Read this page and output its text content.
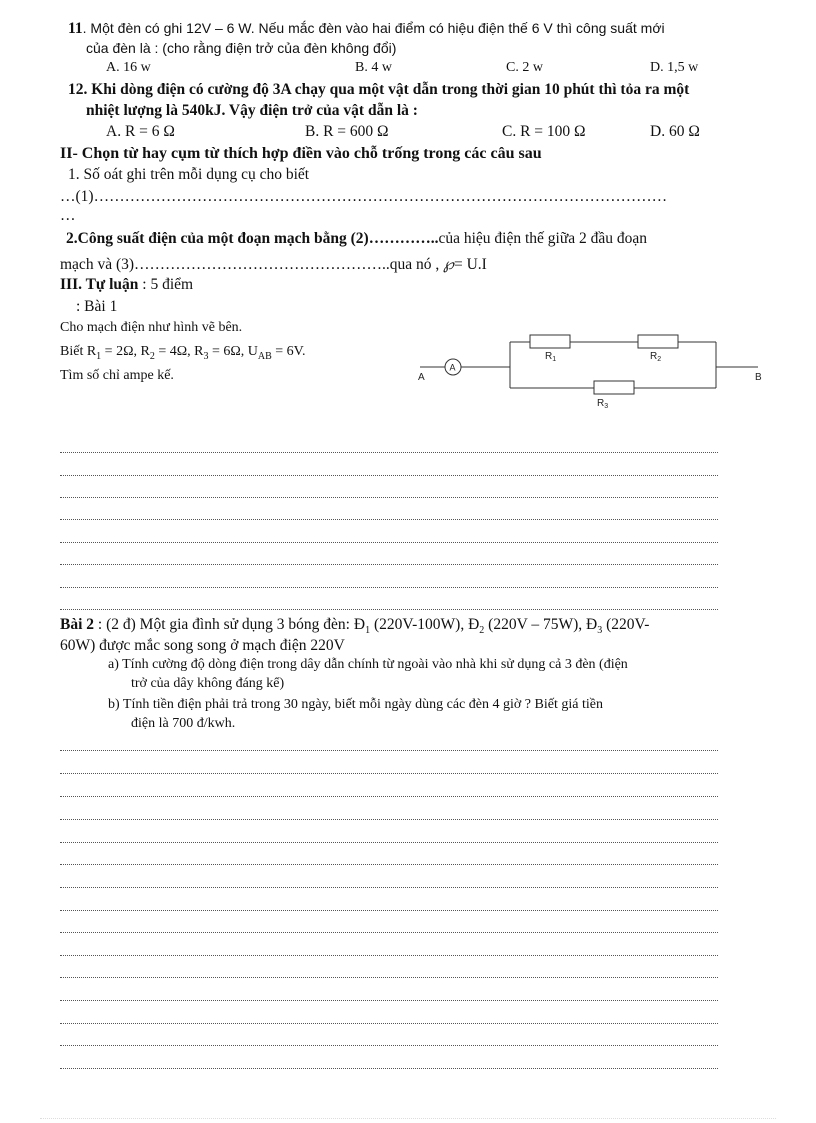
11. Một đèn có ghi 12V – 6 W. Nếu mắc đèn vào hai điểm có hiệu điện thế 6 V thì công suất mới
của đèn là : (cho rằng điện trở của đèn không đổi)
A. 16 w	B. 4 w	C. 2 w	D. 1,5 w
12. Khi dòng điện có cường độ 3A chạy qua một vật dẫn trong thời gian 10 phút thì tỏa ra một
nhiệt lượng là 540kJ. Vậy điện trở của vật dẫn là :
A. R = 6 Ω	B. R = 600 Ω	C. R = 100 Ω	D. 60 Ω
II- Chọn từ hay cụm từ thích hợp điền vào chỗ trống trong các câu sau
1. Số oát ghi trên mỗi dụng cụ cho biết
…(1)…………………………………………………………………………………………………
…
2.Công suất điện của một đoạn mạch bằng (2)…………..của hiệu điện thế giữa 2 đầu đoạn
mạch và (3)…………………………………………..qua nó , ℘= U.I
III. Tự luận : 5 điểm
: Bài 1
Cho mạch điện như hình vẽ bên.
Biết $R_1 = 2\Omega$, $R_2 = 4\Omega$, $R_3 = 6\Omega$, $U_{AB} = 6V$.
Tìm số chỉ ampe kế.
A
A	B
$R_1$	$R_2$
$R_3$
Bài 2 : (2 đ) Một gia đình sử dụng 3 bóng đèn: $Đ_1$ (220V-100W), $Đ_2$ (220V – 75W), $Đ_3$ (220V-
60W) được mắc song song ở mạch điện 220V
a) Tính cường độ dòng điện trong dây dẫn chính từ ngoài vào nhà khi sử dụng cả 3 đèn (điện
trở của dây không đáng kể)
b) Tính tiền điện phải trả trong 30 ngày, biết mỗi ngày dùng các đèn 4 giờ ? Biết giá tiền
điện là 700 đ/kwh.
